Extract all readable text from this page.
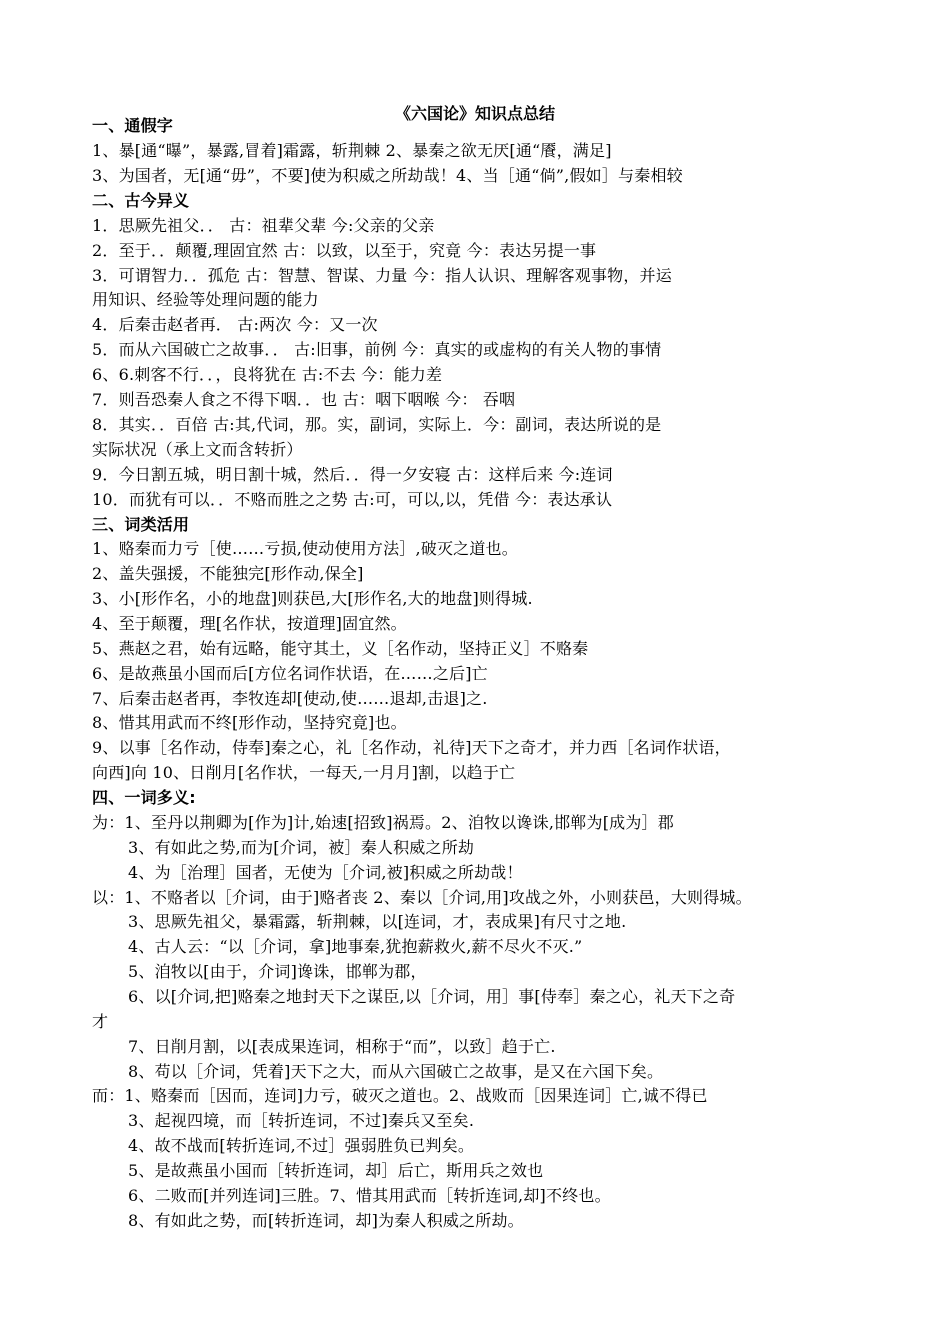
《六国论》知识点总结
一、通假字
1、暴[通“曝”，暴露,冒着]霜露，斩荆棘 2、暴秦之欲无厌[通“餍，满足]
3、为国者，无[通“毋”，不要]使为积威之所劫哉！4、当［通“倘”,假如］与秦相较
二、古今异义
1．思厥先祖父．． 古：祖辈父辈 今:父亲的父亲
2．至于．．颠覆,理固宜然 古：以致，以至于，究竟 今：表达另提一事
3．可谓智力．．孤危 古：智慧、智谋、力量 今：指人认识、理解客观事物，并运
用知识、经验等处理问题的能力
4．后秦击赵者再． 古:两次 今：又一次
5．而从六国破亡之故事．． 古:旧事，前例 今：真实的或虚构的有关人物的事情
6、6.刺客不行．．，良将犹在 古:不去 今：能力差
7．则吾恐秦人食之不得下咽．．也 古：咽下咽喉 今： 吞咽
8．其实．．百倍 古:其,代词，那。实，副词，实际上．今：副词，表达所说的是
实际状况（承上文而含转折）
9．今日割五城，明日割十城，然后．．得一夕安寝 古：这样后来 今:连词
10．而犹有可以．．不赂而胜之之势 古:可，可以,以，凭借 今：表达承认
三、词类活用
1、赂秦而力亏［使……亏损,使动使用方法］,破灭之道也。
2、盖失强援，不能独完[形作动,保全]
3、小[形作名，小的地盘]则获邑,大[形作名,大的地盘]则得城.
4、至于颠覆，理[名作状，按道理]固宜然。
5、燕赵之君，始有远略，能守其土，义［名作动，坚持正义］不赂秦
6、是故燕虽小国而后[方位名词作状语，在……之后]亡
7、后秦击赵者再，李牧连却[使动,使……退却,击退]之.
8、惜其用武而不终[形作动，坚持究竟]也。
9、以事［名作动，侍奉]秦之心，礼［名作动，礼待]天下之奇才，并力西［名词作状语，
向西]向 10、日削月[名作状，一每天,一月月]割，以趋于亡
四、一词多义:
为：1、至丹以荆卿为[作为]计,始速[招致]祸焉。2、洎牧以谗诛,邯郸为[成为］郡
3、有如此之势,而为[介词，被］秦人积威之所劫
4、为［治理］国者，无使为［介词,被]积威之所劫哉！
以：1、不赂者以［介词，由于]赂者丧 2、秦以［介词,用]攻战之外，小则获邑，大则得城。
3、思厥先祖父，暴霜露，斩荆棘，以[连词，才，表成果]有尺寸之地.
4、古人云：“以［介词，拿]地事秦,犹抱薪救火,薪不尽火不灭.”
5、洎牧以[由于，介词]谗诛，邯郸为郡，
6、以[介词,把]赂秦之地封天下之谋臣,以［介词，用］事[侍奉］秦之心，礼天下之奇
才
7、日削月割，以[表成果连词，相称于“而”，以致］趋于亡.
8、苟以［介词，凭着]天下之大，而从六国破亡之故事，是又在六国下矣。
而：1、赂秦而［因而，连词]力亏，破灭之道也。2、战败而［因果连词］亡,诚不得已
3、起视四境，而［转折连词，不过]秦兵又至矣.
4、故不战而[转折连词,不过］强弱胜负已判矣。
5、是故燕虽小国而［转折连词，却］后亡，斯用兵之效也
6、二败而[并列连词]三胜。7、惜其用武而［转折连词,却]不终也。
8、有如此之势，而[转折连词，却]为秦人积威之所劫。
